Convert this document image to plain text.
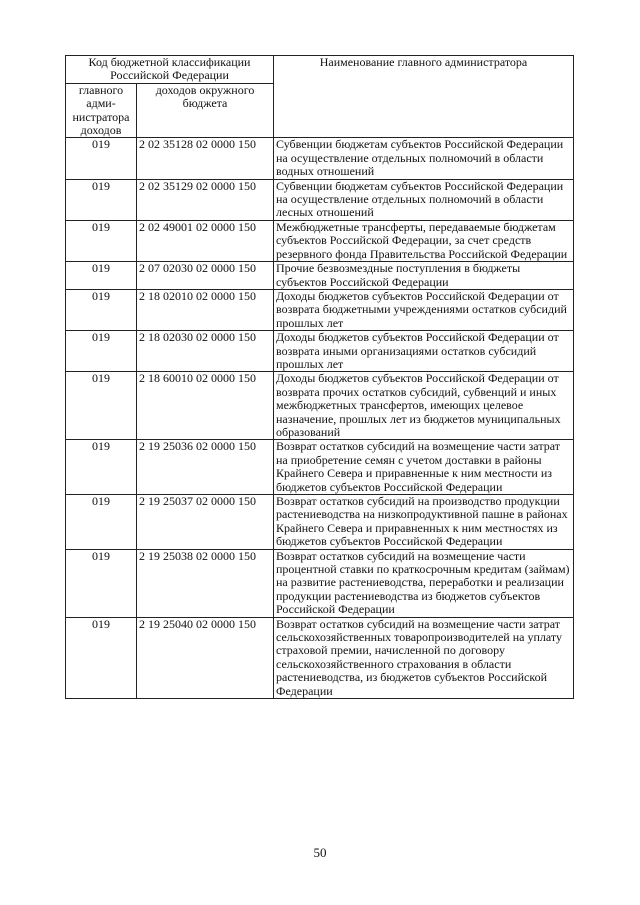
Код бюджетной классификации Российской Федерации		Наименование главного администратора
главного адми-нистратора доходов	доходов окружного бюджета	
019	2 02 35128 02 0000 150	Субвенции бюджетам субъектов Российской Федерации на осуществление отдельных полномочий в области водных отношений
019	2 02 35129 02 0000 150	Субвенции бюджетам субъектов Российской Федерации на осуществление отдельных полномочий в области лесных отношений
019	2 02 49001 02 0000 150	Межбюджетные трансферты, передаваемые бюджетам субъектов Российской Федерации, за счет средств резервного фонда Правительства Российской Федерации
019	2 07 02030 02 0000 150	Прочие безвозмездные поступления в бюджеты субъектов Российской Федерации
019	2 18 02010 02 0000 150	Доходы бюджетов субъектов Российской Федерации от возврата бюджетными учреждениями остатков субсидий прошлых лет
019	2 18 02030 02 0000 150	Доходы бюджетов субъектов Российской Федерации от возврата иными организациями остатков субсидий прошлых лет
019	2 18 60010 02 0000 150	Доходы бюджетов субъектов Российской Федерации от возврата прочих остатков субсидий, субвенций и иных межбюджетных трансфертов, имеющих целевое назначение, прошлых лет из бюджетов муниципальных образований
019	2 19 25036 02 0000 150	Возврат остатков субсидий на возмещение части затрат на приобретение семян с учетом доставки в районы Крайнего Севера и приравненные к ним местности из бюджетов субъектов Российской Федерации
019	2 19 25037 02 0000 150	Возврат остатков субсидий на производство продукции растениеводства на низкопродуктивной пашне в районах Крайнего Севера и приравненных к ним местностях из бюджетов субъектов Российской Федерации
019	2 19 25038 02 0000 150	Возврат остатков субсидий на возмещение части процентной ставки по краткосрочным кредитам (займам) на развитие растениеводства, переработки и реализации продукции растениеводства из бюджетов субъектов Российской Федерации
019	2 19 25040 02 0000 150	Возврат остатков субсидий на возмещение части затрат сельскохозяйственных товаропроизводителей на уплату страховой премии, начисленной по договору сельскохозяйственного страхования в области растениеводства, из бюджетов субъектов Российской Федерации
50
